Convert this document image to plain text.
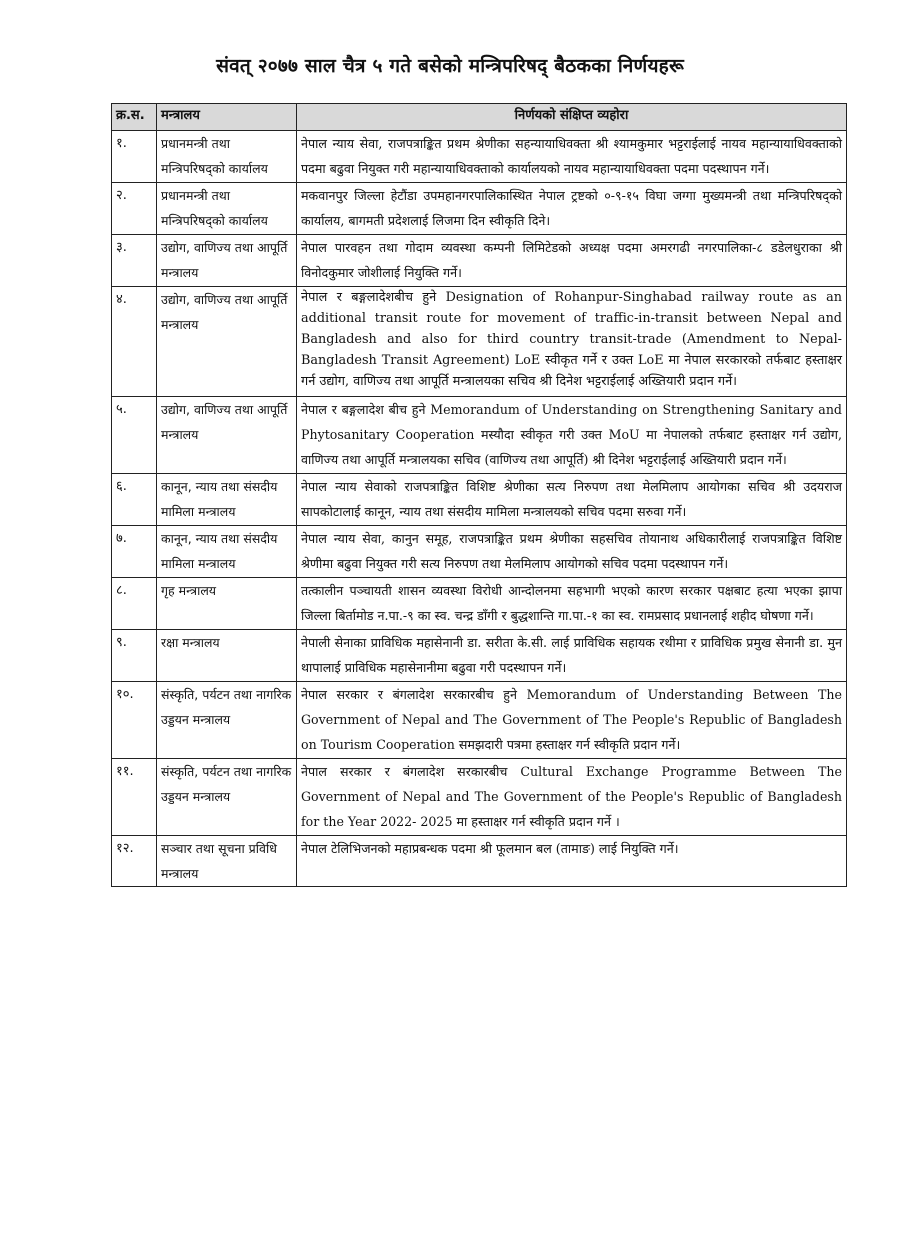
संवत् २०७७ साल चैत्र ५ गते बसेको मन्त्रिपरिषद् बैठकका निर्णयहरू
क्र.स.	मन्त्रालय	निर्णयको संक्षिप्त व्यहोरा
१.	प्रधानमन्त्री तथा मन्त्रिपरिषद्को कार्यालय	नेपाल न्याय सेवा, राजपत्राङ्कित प्रथम श्रेणीका सहन्यायाधिवक्ता श्री श्यामकुमार भट्टराईलाई नायव महान्यायाधिवक्ताको पदमा बढुवा नियुक्त गरी महान्यायाधिवक्ताको कार्यालयको नायव महान्यायाधिवक्ता पदमा पदस्थापन गर्ने।
२.	प्रधानमन्त्री तथा मन्त्रिपरिषद्को कार्यालय	मकवानपुर जिल्ला हेटौंडा उपमहानगरपालिकास्थित नेपाल ट्रष्टको ०-९-१५ विघा जग्गा मुख्यमन्त्री तथा मन्त्रिपरिषद्को कार्यालय, बागमती प्रदेशलाई लिजमा दिन स्वीकृति दिने।
३.	उद्योग, वाणिज्य तथा आपूर्ति मन्त्रालय	नेपाल पारवहन तथा गोदाम व्यवस्था कम्पनी लिमिटेडको अध्यक्ष पदमा अमरगढी नगरपालिका-८ डडेलधुराका श्री विनोदकुमार जोशीलाई नियुक्ति गर्ने।
४.	उद्योग, वाणिज्य तथा आपूर्ति मन्त्रालय	नेपाल र बङ्गलादेशबीच हुने Designation of Rohanpur-Singhabad railway route as an additional transit route for movement of traffic-in-transit between Nepal and Bangladesh and also for third country transit-trade (Amendment to Nepal-Bangladesh Transit Agreement) LoE स्वीकृत गर्ने र उक्त LoE मा नेपाल सरकारको तर्फबाट हस्ताक्षर गर्न उद्योग, वाणिज्य तथा आपूर्ति मन्त्रालयका सचिव श्री दिनेश भट्टराईलाई अख्तियारी प्रदान गर्ने।
५.	उद्योग, वाणिज्य तथा आपूर्ति मन्त्रालय	नेपाल र बङ्गलादेश बीच हुने Memorandum of Understanding on Strengthening Sanitary and Phytosanitary Cooperation मस्यौदा स्वीकृत गरी उक्त MoU मा नेपालको तर्फबाट हस्ताक्षर गर्न उद्योग, वाणिज्य तथा आपूर्ति मन्त्रालयका सचिव (वाणिज्य तथा आपूर्ति) श्री दिनेश भट्टराईलाई अख्तियारी प्रदान गर्ने।
६.	कानून, न्याय तथा संसदीय मामिला मन्त्रालय	नेपाल न्याय सेवाको राजपत्राङ्कित विशिष्ट श्रेणीका सत्य निरुपण तथा मेलमिलाप आयोगका सचिव श्री उदयराज सापकोटालाई कानून, न्याय तथा संसदीय मामिला मन्त्रालयको सचिव पदमा सरुवा गर्ने।
७.	कानून, न्याय तथा संसदीय मामिला मन्त्रालय	नेपाल न्याय सेवा, कानुन समूह, राजपत्राङ्कित प्रथम श्रेणीका सहसचिव तोयानाथ अधिकारीलाई राजपत्राङ्कित विशिष्ट श्रेणीमा बढुवा नियुक्त गरी सत्य निरुपण तथा मेलमिलाप आयोगको सचिव पदमा पदस्थापन गर्ने।
८.	गृह मन्त्रालय	तत्कालीन पञ्चायती शासन व्यवस्था विरोधी आन्दोलनमा सहभागी भएको कारण सरकार पक्षबाट हत्या भएका झापा जिल्ला बिर्तामोड न.पा.-९ का स्व. चन्द्र डाँगी र बुद्धशान्ति गा.पा.-१ का स्व. रामप्रसाद प्रधानलाई शहीद घोषणा गर्ने।
९.	रक्षा मन्त्रालय	नेपाली सेनाका प्राविधिक महासेनानी डा. सरीता के.सी. लाई प्राविधिक सहायक रथीमा र प्राविधिक प्रमुख सेनानी डा. मुन थापालाई प्राविधिक महासेनानीमा बढुवा गरी पदस्थापन गर्ने।
१०.	संस्कृति, पर्यटन तथा नागरिक उड्डयन मन्त्रालय	नेपाल सरकार र बंगलादेश सरकारबीच हुने Memorandum of Understanding Between The Government of Nepal and The Government of The People's Republic of Bangladesh on Tourism Cooperation समझदारी पत्रमा हस्ताक्षर गर्न स्वीकृति प्रदान गर्ने।
११.	संस्कृति, पर्यटन तथा नागरिक उड्डयन मन्त्रालय	नेपाल सरकार र बंगलादेश सरकारबीच Cultural Exchange Programme Between The Government of Nepal and The Government of the People's Republic of Bangladesh for the Year 2022- 2025 मा हस्ताक्षर गर्न स्वीकृति प्रदान गर्ने ।
१२.	सञ्चार तथा सूचना प्रविधि मन्त्रालय	नेपाल टेलिभिजनको महाप्रबन्धक पदमा श्री फूलमान बल (तामाङ) लाई नियुक्ति गर्ने।
